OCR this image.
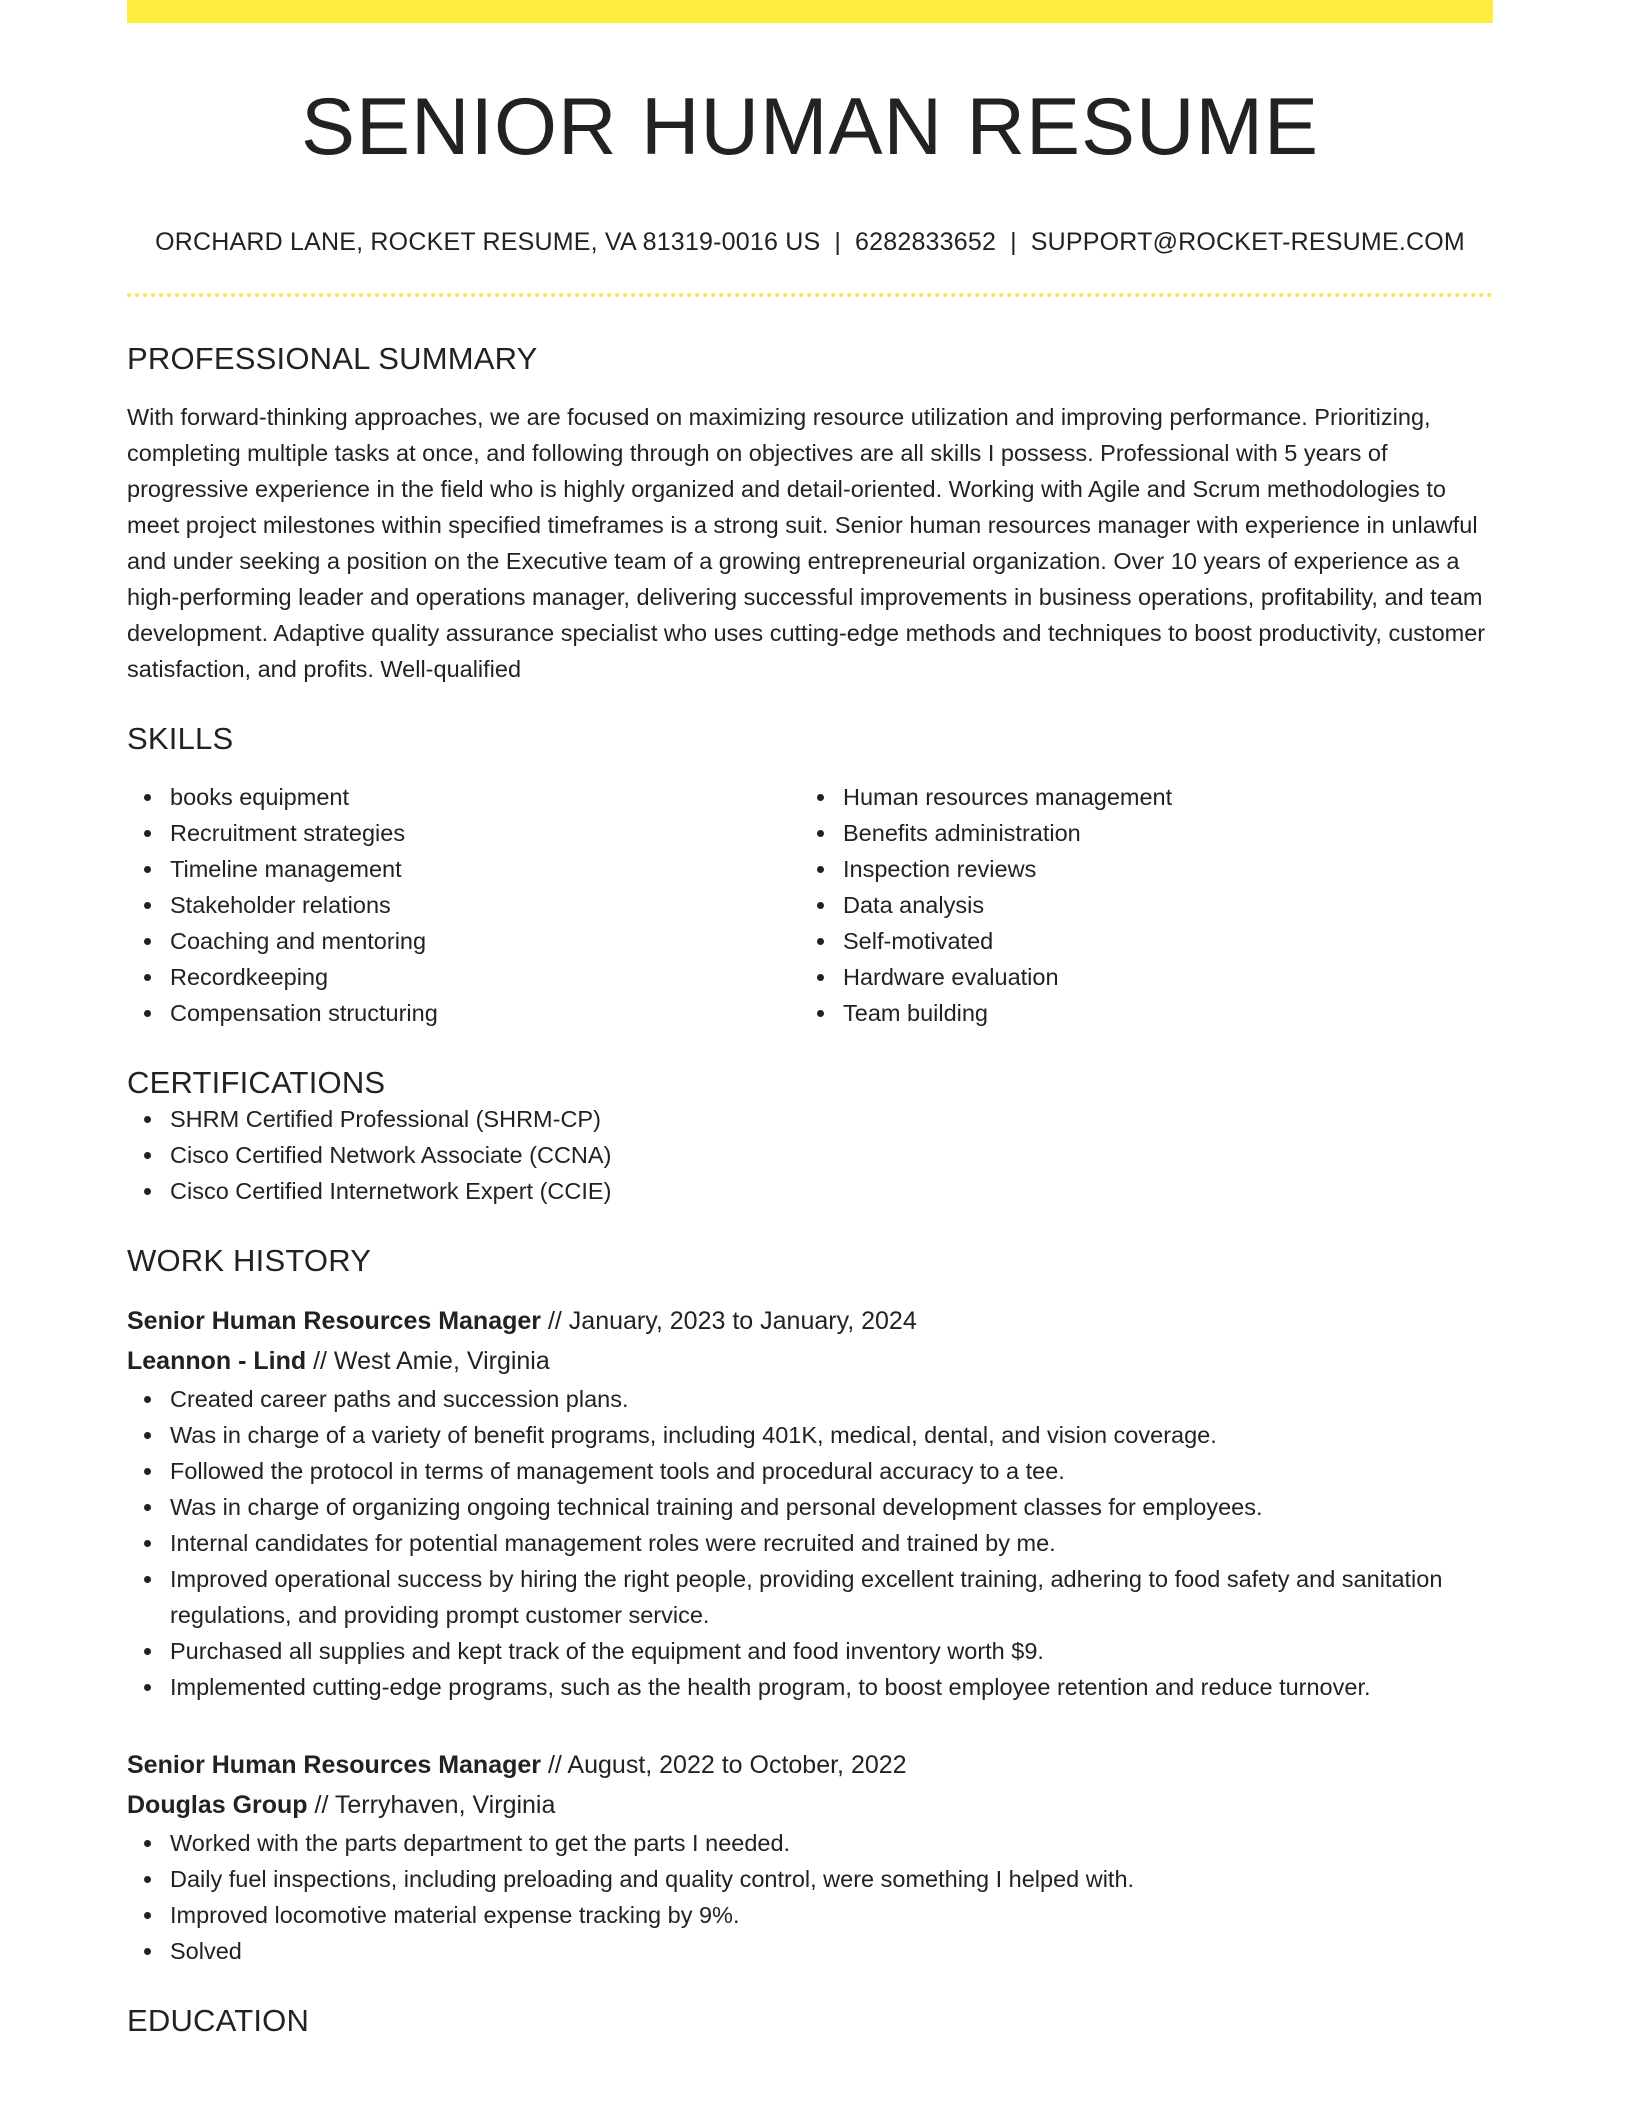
SENIOR HUMAN RESUME
ORCHARD LANE, ROCKET RESUME, VA 81319-0016 US | 6282833652 | SUPPORT@ROCKET-RESUME.COM
PROFESSIONAL SUMMARY
With forward-thinking approaches, we are focused on maximizing resource utilization and improving performance. Prioritizing, completing multiple tasks at once, and following through on objectives are all skills I possess. Professional with 5 years of progressive experience in the field who is highly organized and detail-oriented. Working with Agile and Scrum methodologies to meet project milestones within specified timeframes is a strong suit. Senior human resources manager with experience in unlawful and under seeking a position on the Executive team of a growing entrepreneurial organization. Over 10 years of experience as a high-performing leader and operations manager, delivering successful improvements in business operations, profitability, and team development. Adaptive quality assurance specialist who uses cutting-edge methods and techniques to boost productivity, customer satisfaction, and profits. Well-qualified
SKILLS
books equipment
Recruitment strategies
Timeline management
Stakeholder relations
Coaching and mentoring
Recordkeeping
Compensation structuring
Human resources management
Benefits administration
Inspection reviews
Data analysis
Self-motivated
Hardware evaluation
Team building
CERTIFICATIONS
SHRM Certified Professional (SHRM-CP)
Cisco Certified Network Associate (CCNA)
Cisco Certified Internetwork Expert (CCIE)
WORK HISTORY
Senior Human Resources Manager // January, 2023 to January, 2024
Leannon - Lind // West Amie, Virginia
Created career paths and succession plans.
Was in charge of a variety of benefit programs, including 401K, medical, dental, and vision coverage.
Followed the protocol in terms of management tools and procedural accuracy to a tee.
Was in charge of organizing ongoing technical training and personal development classes for employees.
Internal candidates for potential management roles were recruited and trained by me.
Improved operational success by hiring the right people, providing excellent training, adhering to food safety and sanitation regulations, and providing prompt customer service.
Purchased all supplies and kept track of the equipment and food inventory worth $9.
Implemented cutting-edge programs, such as the health program, to boost employee retention and reduce turnover.
Senior Human Resources Manager // August, 2022 to October, 2022
Douglas Group // Terryhaven, Virginia
Worked with the parts department to get the parts I needed.
Daily fuel inspections, including preloading and quality control, were something I helped with.
Improved locomotive material expense tracking by 9%.
Solved
EDUCATION
